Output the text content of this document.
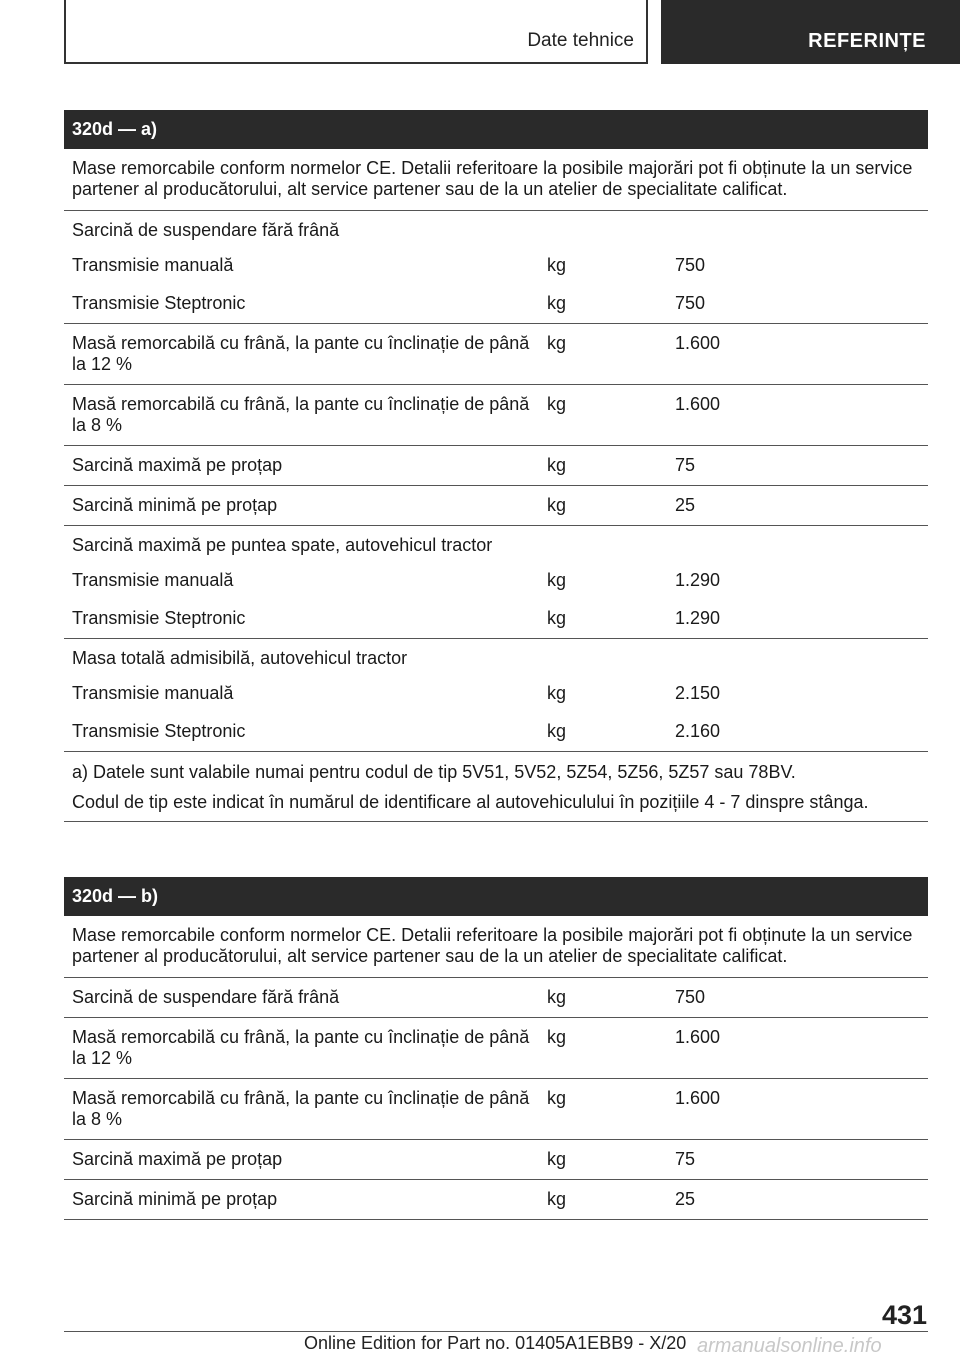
Date tehnice	REFERINȚE
320d — a)		
Mase remorcabile conform normelor CE. Detalii referitoare la posibile majorări pot fi obținute la un service partener al producătorului, alt service partener sau de la un atelier de specialitate calificat.		
Sarcină de suspendare fără frână		
Transmisie manuală	kg	750
Transmisie Steptronic	kg	750
Masă remorcabilă cu frână, la pante cu înclinație de până la 12 %	kg	1.600
Masă remorcabilă cu frână, la pante cu înclinație de până la 8 %	kg	1.600
Sarcină maximă pe proțap	kg	75
Sarcină minimă pe proțap	kg	25
Sarcină maximă pe puntea spate, autovehicul tractor		
Transmisie manuală	kg	1.290
Transmisie Steptronic	kg	1.290
Masa totală admisibilă, autovehicul tractor		
Transmisie manuală	kg	2.150
Transmisie Steptronic	kg	2.160
a) Datele sunt valabile numai pentru codul de tip 5V51, 5V52, 5Z54, 5Z56, 5Z57 sau 78BV.		
Codul de tip este indicat în numărul de identificare al autovehiculului în pozițiile 4 - 7 dinspre stânga.		
320d — b)		
Mase remorcabile conform normelor CE. Detalii referitoare la posibile majorări pot fi obținute la un service partener al producătorului, alt service partener sau de la un atelier de specialitate calificat.		
Sarcină de suspendare fără frână	kg	750
Masă remorcabilă cu frână, la pante cu înclinație de până la 12 %	kg	1.600
Masă remorcabilă cu frână, la pante cu înclinație de până la 8 %	kg	1.600
Sarcină maximă pe proțap	kg	75
Sarcină minimă pe proțap	kg	25
431
Online Edition for Part no. 01405A1EBB9 - X/20 armanualsonline.info
